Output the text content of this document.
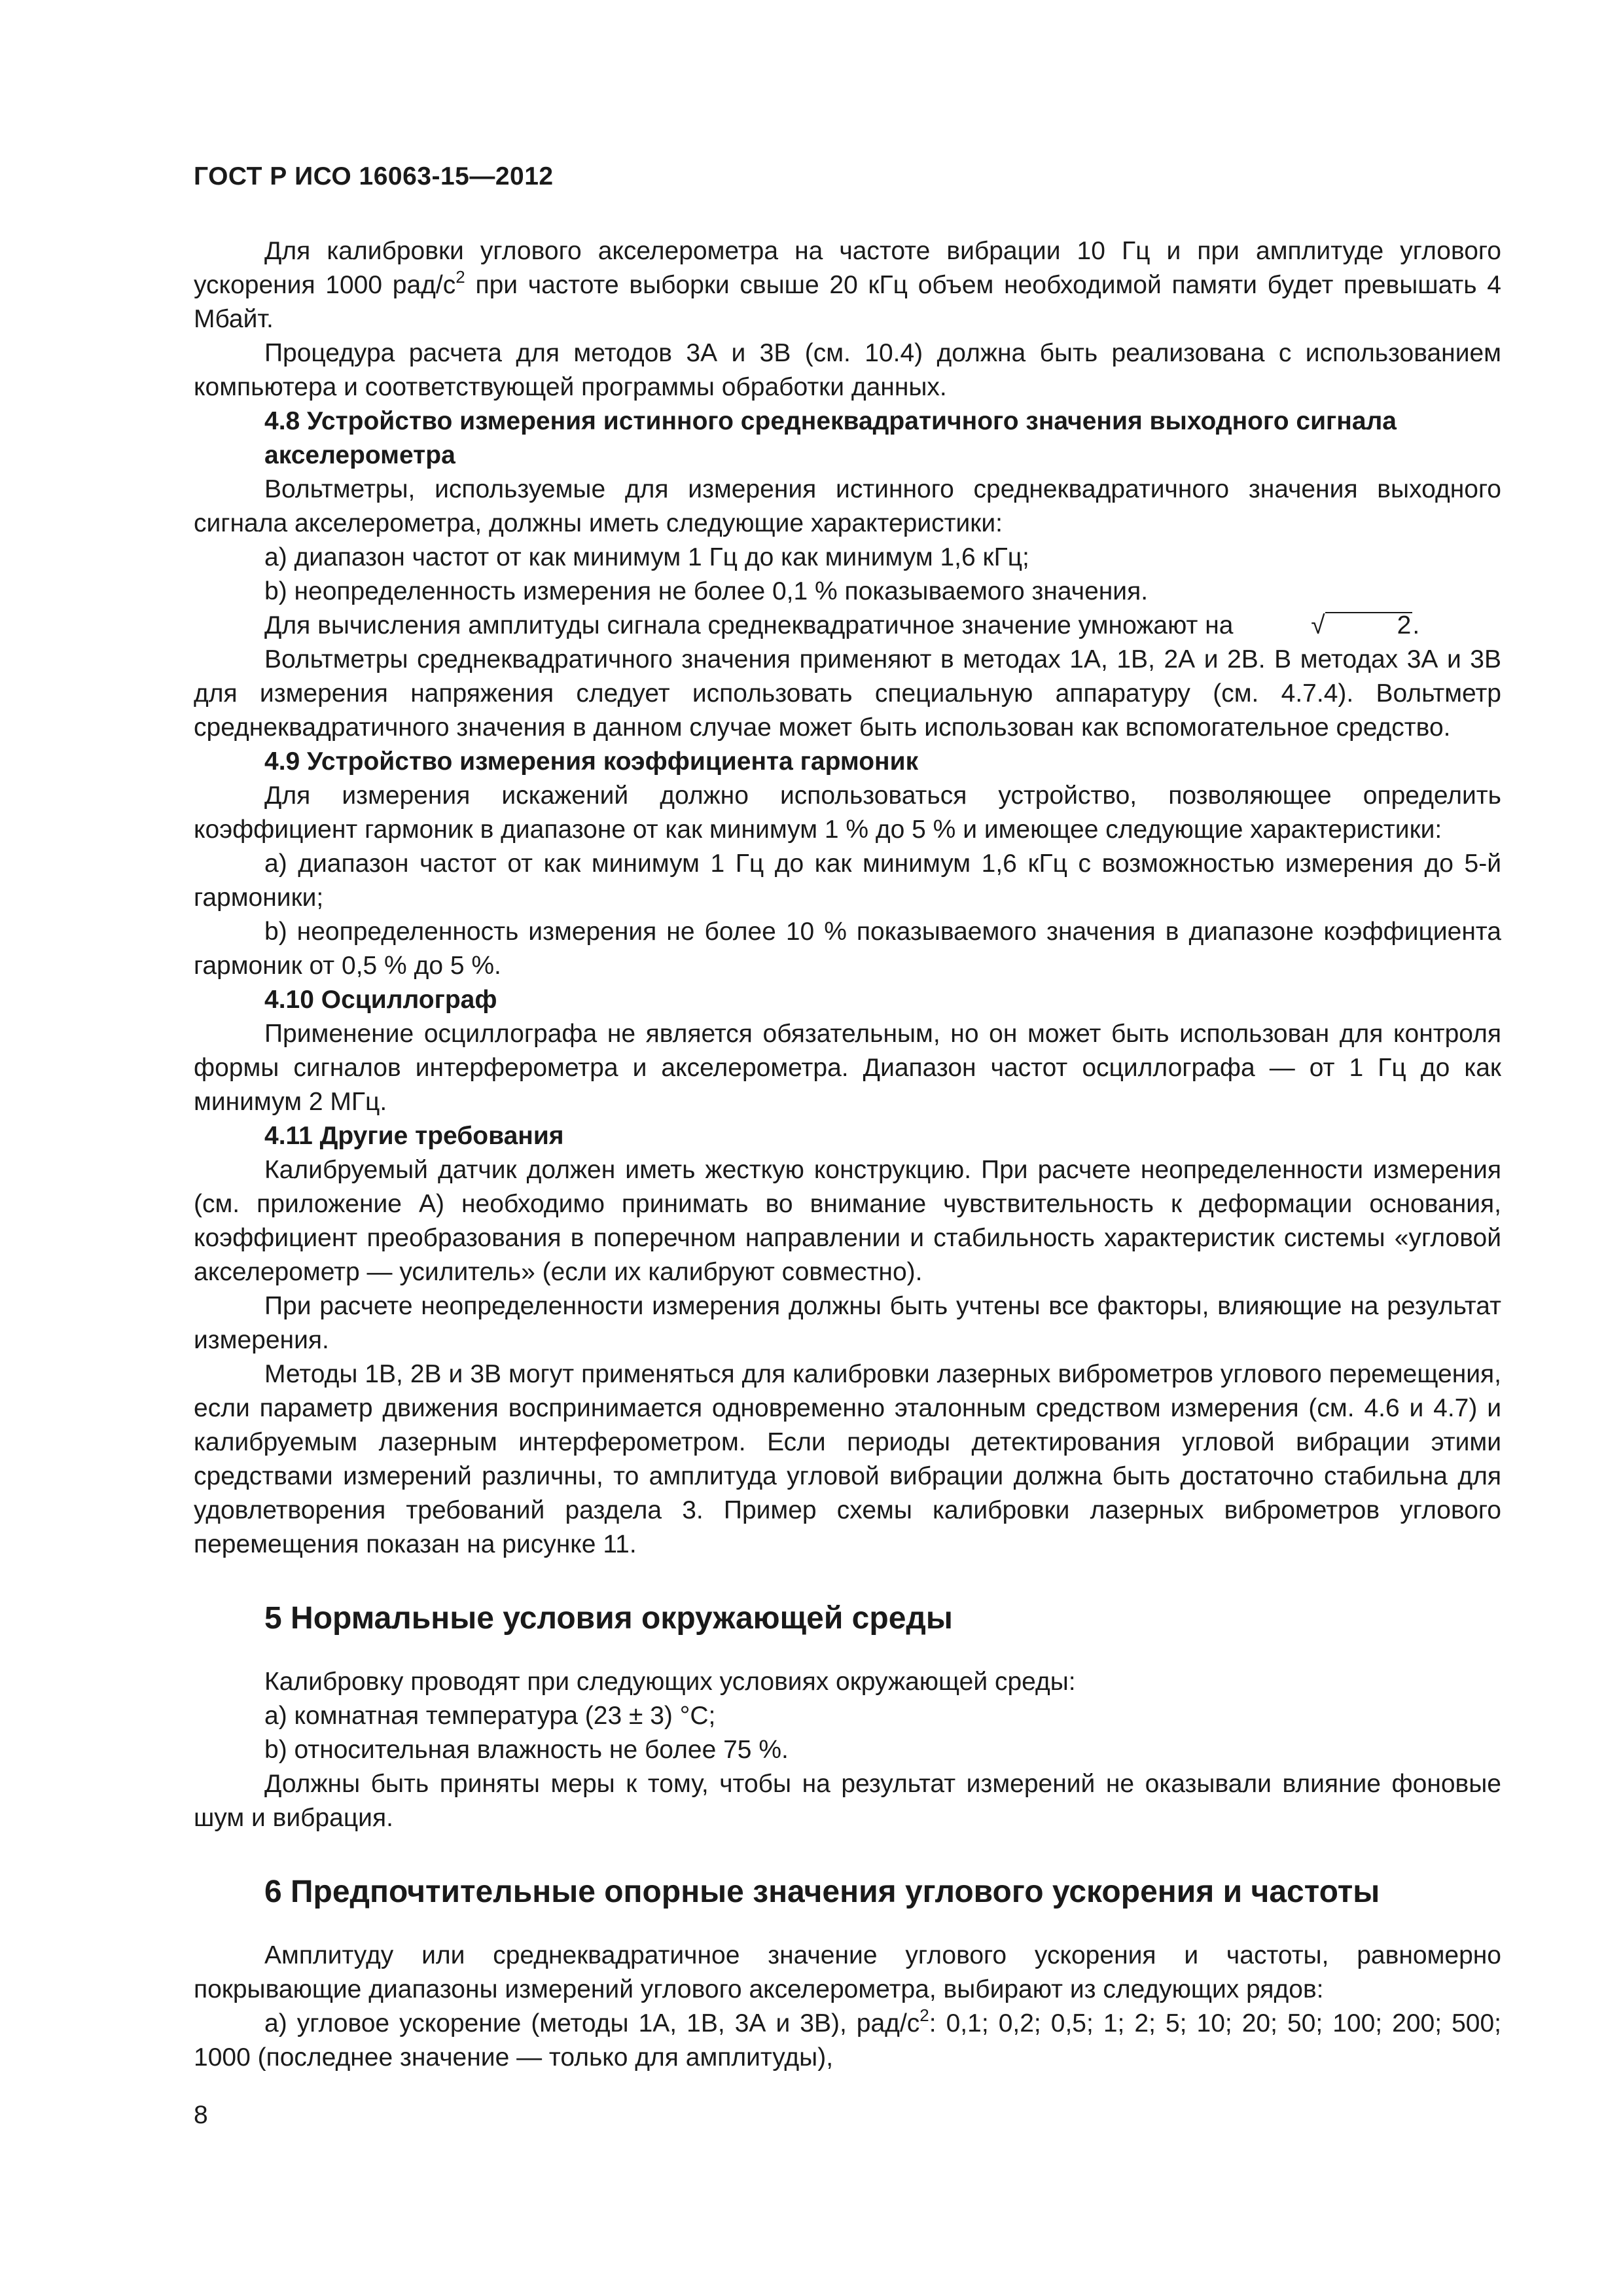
ГОСТ Р ИСО 16063-15—2012

Для калибровки углового акселерометра на частоте вибрации 10 Гц и при амплитуде углового ускорения 1000 рад/$с^2$ при частоте выборки свыше 20 кГц объем необходимой памяти будет превышать 4 Мбайт.

Процедура расчета для методов 3А и 3В (см. 10.4) должна быть реализована с использованием компьютера и соответствующей программы обработки данных.

4.8 Устройство измерения истинного среднеквадратичного значения выходного сигнала акселерометра

Вольтметры, используемые для измерения истинного среднеквадратичного значения выходного сигнала акселерометра, должны иметь следующие характеристики:

a) диапазон частот от как минимум 1 Гц до как минимум 1,6 кГц;

b) неопределенность измерения не более 0,1 % показываемого значения.

Для вычисления амплитуды сигнала среднеквадратичное значение умножают на	√	2.

Вольтметры среднеквадратичного значения применяют в методах 1А, 1В, 2А и 2В. В методах 3А и 3В для измерения напряжения следует использовать специальную аппаратуру (см. 4.7.4). Вольтметр среднеквадратичного значения в данном случае может быть использован как вспомогательное средство.

4.9 Устройство измерения коэффициента гармоник

Для измерения искажений должно использоваться устройство, позволяющее определить коэффициент гармоник в диапазоне от как минимум 1 % до 5 % и имеющее следующие характеристики:

a) диапазон частот от как минимум 1 Гц до как минимум 1,6 кГц с возможностью измерения до 5-й гармоники;

b) неопределенность измерения не более 10 % показываемого значения в диапазоне коэффициента гармоник от 0,5 % до 5 %.

4.10 Осциллограф

Применение осциллографа не является обязательным, но он может быть использован для контроля формы сигналов интерферометра и акселерометра. Диапазон частот осциллографа — от 1 Гц до как минимум 2 МГц.

4.11 Другие требования

Калибруемый датчик должен иметь жесткую конструкцию. При расчете неопределенности измерения (см. приложение А) необходимо принимать во внимание чувствительность к деформации основания, коэффициент преобразования в поперечном направлении и стабильность характеристик системы «угловой акселерометр — усилитель» (если их калибруют совместно).

При расчете неопределенности измерения должны быть учтены все факторы, влияющие на результат измерения.

Методы 1В, 2В и 3В могут применяться для калибровки лазерных виброметров углового перемещения, если параметр движения воспринимается одновременно эталонным средством измерения (см. 4.6 и 4.7) и калибруемым лазерным интерферометром. Если периоды детектирования угловой вибрации этими средствами измерений различны, то амплитуда угловой вибрации должна быть достаточно стабильна для удовлетворения требований раздела 3. Пример схемы калибровки лазерных виброметров углового перемещения показан на рисунке 11.

5 Нормальные условия окружающей среды

Калибровку проводят при следующих условиях окружающей среды:

a) комнатная температура (23 ± 3) °C;

b) относительная влажность не более 75 %.

Должны быть приняты меры к тому, чтобы на результат измерений не оказывали влияние фоновые шум и вибрация.

6 Предпочтительные опорные значения углового ускорения и частоты

Амплитуду или среднеквадратичное значение углового ускорения и частоты, равномерно покрывающие диапазоны измерений углового акселерометра, выбирают из следующих рядов:

a) угловое ускорение (методы 1А, 1В, 3А и 3В), рад/$с^2$: 0,1; 0,2; 0,5; 1; 2; 5; 10; 20; 50; 100; 200; 500; 1000 (последнее значение — только для амплитуды),

8
